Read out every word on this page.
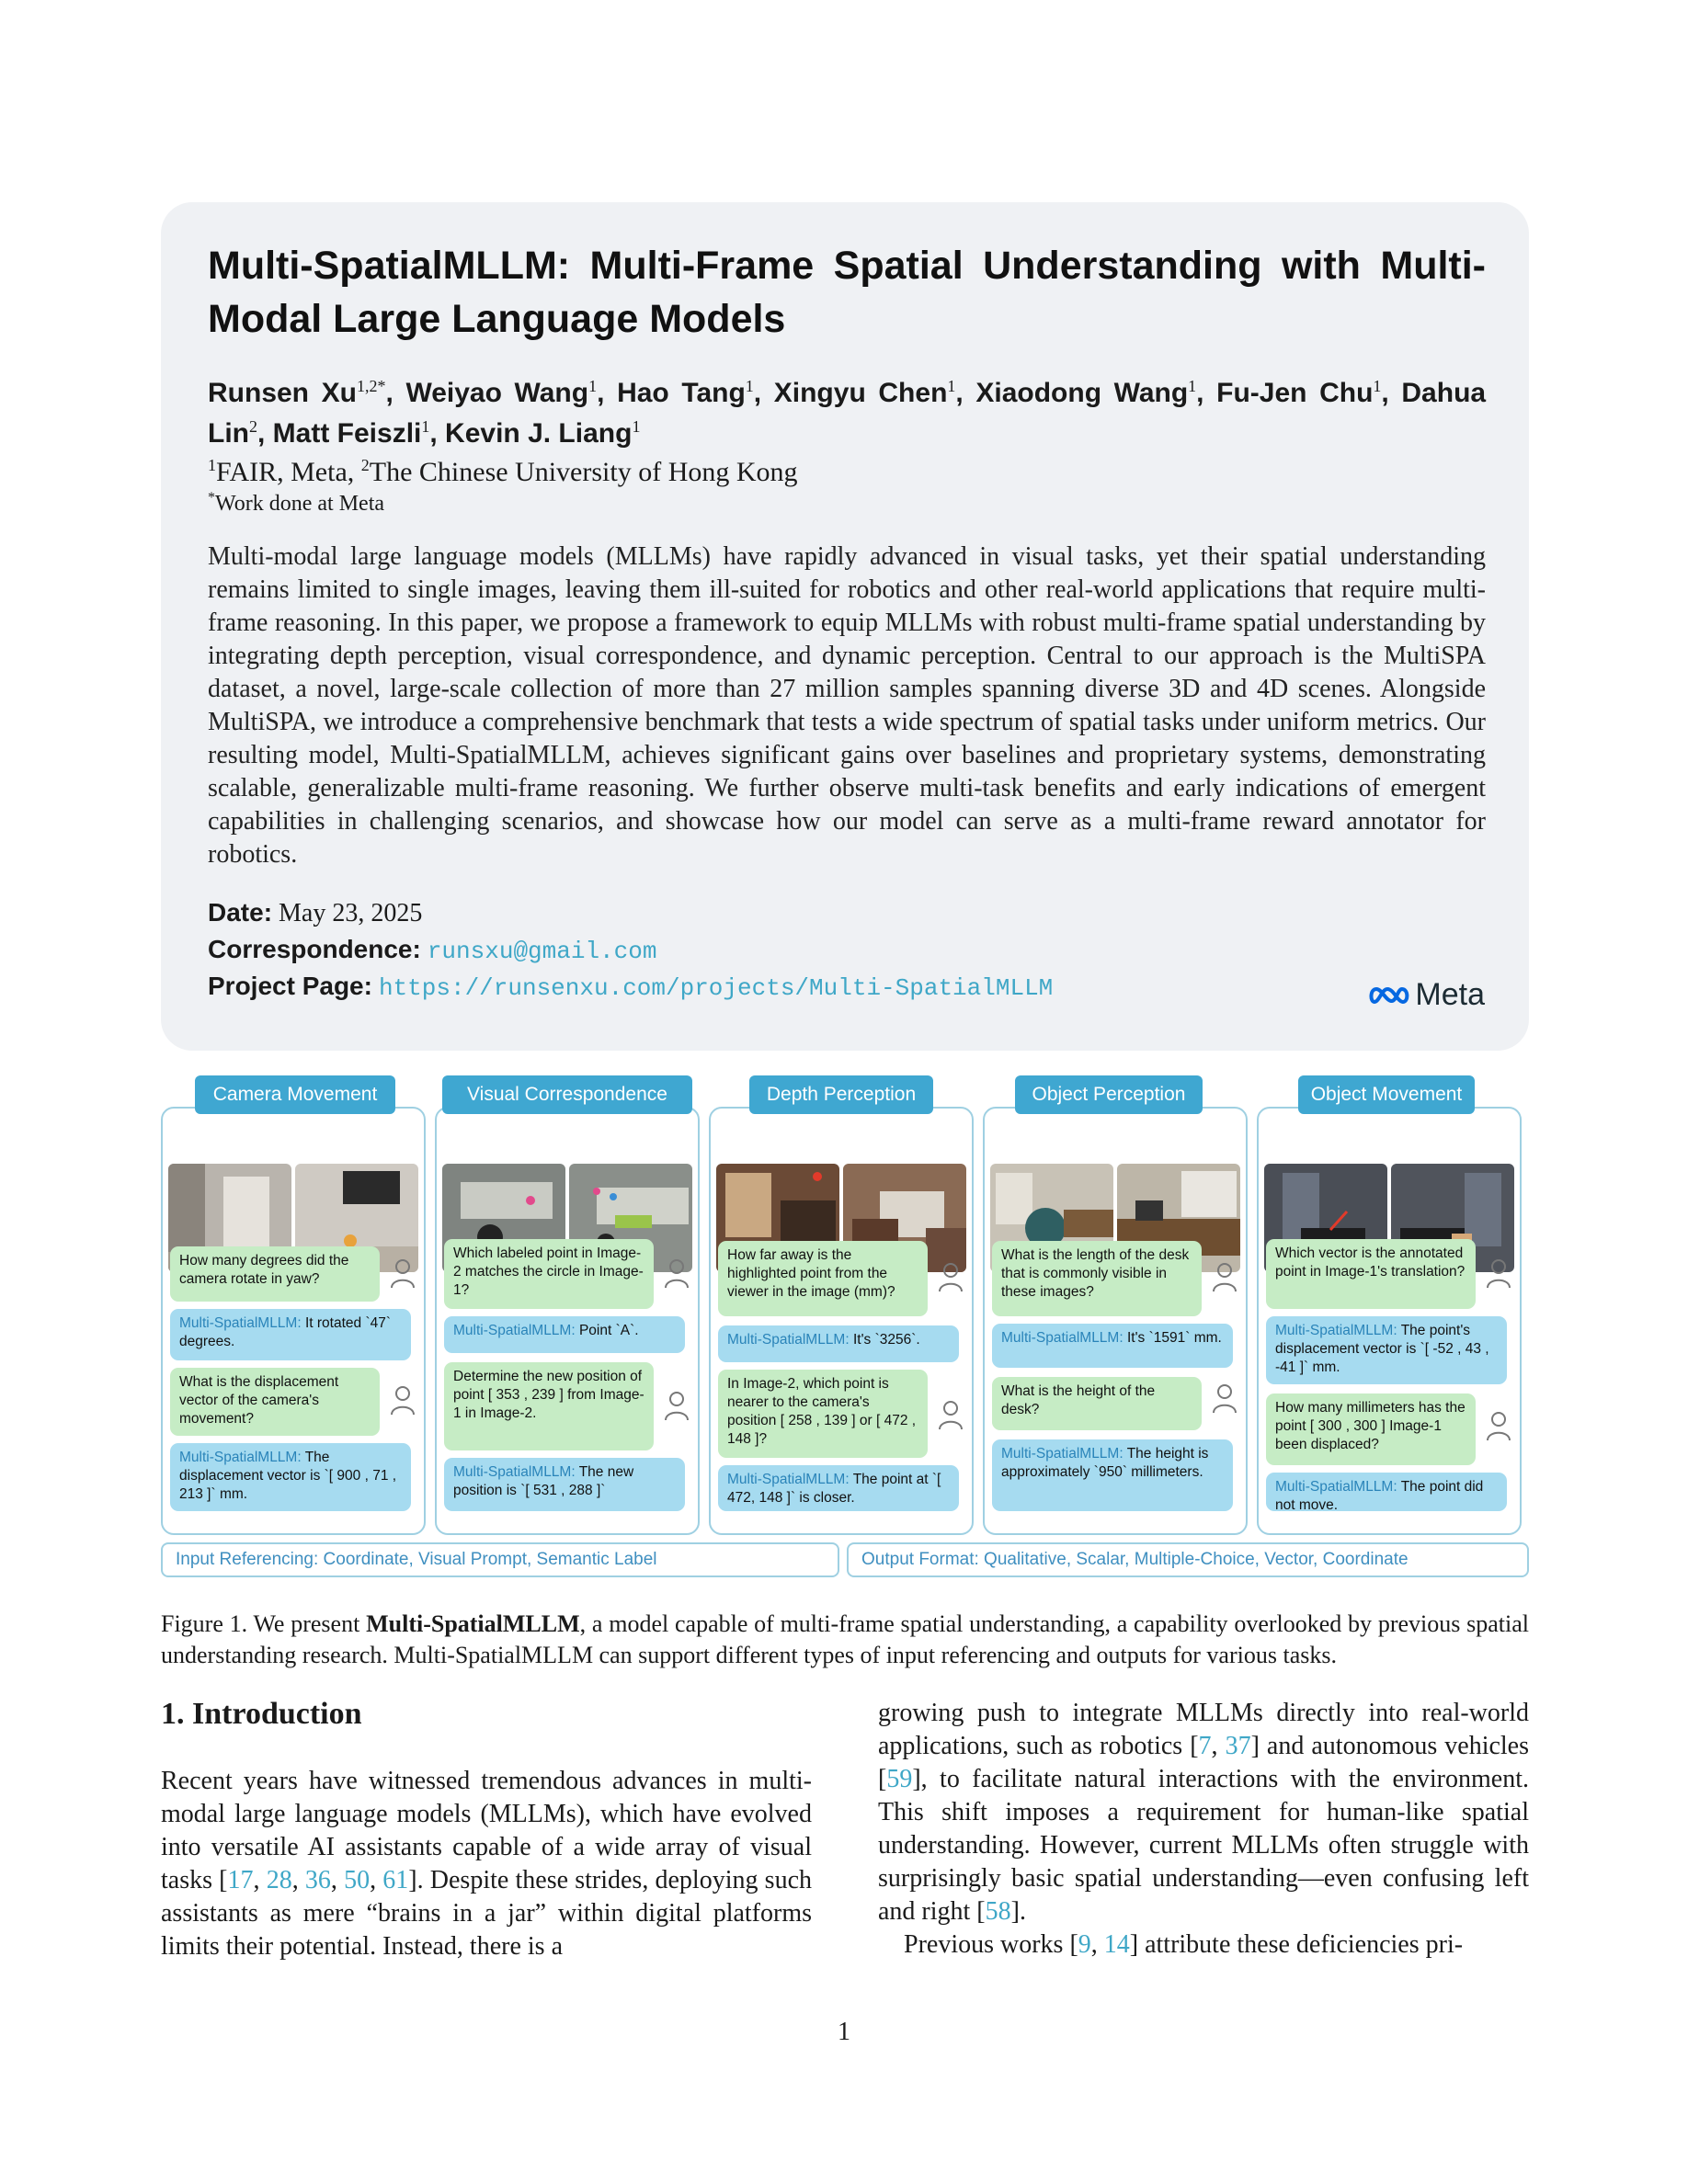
Multi-SpatialMLLM: Multi-Frame Spatial Understanding with Multi-Modal Large Language Models

Runsen $Xu^{1,2*}$, Weiyao Wang$^1$, Hao Tang$^1$, Xingyu Chen$^1$, Xiaodong Wang$^1$, Fu-Jen Chu$^1$, Dahua Lin$^2$, Matt Feiszli$^1$, Kevin J. Liang$^1$

$^1$FAIR, Meta, $^2$The Chinese University of Hong Kong

*Work done at Meta

Multi-modal large language models (MLLMs) have rapidly advanced in visual tasks, yet their spatial understanding remains limited to single images, leaving them ill-suited for robotics and other real-world applications that require multi-frame reasoning. In this paper, we propose a framework to equip MLLMs with robust multi-frame spatial understanding by integrating depth perception, visual correspondence, and dynamic perception. Central to our approach is the MultiSPA dataset, a novel, large-scale collection of more than 27 million samples spanning diverse 3D and 4D scenes. Alongside MultiSPA, we introduce a comprehensive benchmark that tests a wide spectrum of spatial tasks under uniform metrics. Our resulting model, Multi-SpatialMLLM, achieves significant gains over baselines and proprietary systems, demonstrating scalable, generalizable multi-frame reasoning. We further observe multi-task benefits and early indications of emergent capabilities in challenging scenarios, and showcase how our model can serve as a multi-frame reward annotator for robotics.

Date: May 23, 2025

Correspondence: runsxu@gmail.com

Project Page: https://runsenxu.com/projects/Multi-SpatialMLLM	Meta
Camera Movement	Visual Correspondence	Depth Perception	Object Perception	Object Movement
How many degrees did the camera rotate in yaw?
Multi-SpatialMLLM: It rotated `47` degrees.
What is the displacement vector of the camera's movement?
Multi-SpatialMLLM: The displacement vector is `[ 900 , 71 , 213 ]` mm.
Which labeled point in Image-2 matches the circle in Image-1?
Multi-SpatialMLLM: Point `A`.
Determine the new position of point [ 353 , 239 ] from Image-1 in Image-2.
Multi-SpatialMLLM: The new position is `[ 531 , 288 ]`
How far away is the highlighted point from the viewer in the image (mm)?
Multi-SpatialMLLM: It's `3256`.
In Image-2, which point is nearer to the camera's position [ 258 , 139 ] or [ 472 , 148 ]?
Multi-SpatialMLLM: The point at `[ 472, 148 ]` is closer.
What is the length of the desk that is commonly visible in these images?
Multi-SpatialMLLM: It's `1591` mm.
What is the height of the desk?
Multi-SpatialMLLM: The height is approximately `950` millimeters.
Which vector is the annotated point in Image-1's translation?
Multi-SpatialMLLM: The point's displacement vector is `[ -52 , 43 , -41 ]` mm.
How many millimeters has the point [ 300 , 300 ] Image-1 been displaced?
Multi-SpatialMLLM: The point did not move.
Input Referencing: Coordinate, Visual Prompt, Semantic Label	Output Format: Qualitative, Scalar, Multiple-Choice, Vector, Coordinate

Figure 1. We present Multi-SpatialMLLM, a model capable of multi-frame spatial understanding, a capability overlooked by previous spatial understanding research. Multi-SpatialMLLM can support different types of input referencing and outputs for various tasks.

1. Introduction

Recent years have witnessed tremendous advances in multi-modal large language models (MLLMs), which have evolved into versatile AI assistants capable of a wide array of visual tasks [17, 28, 36, 50, 61]. Despite these strides, deploying such assistants as mere “brains in a jar” within digital platforms limits their potential. Instead, there is a

growing push to integrate MLLMs directly into real-world applications, such as robotics [7, 37] and autonomous vehicles [59], to facilitate natural interactions with the environment. This shift imposes a requirement for human-like spatial understanding. However, current MLLMs often struggle with surprisingly basic spatial understanding—even confusing left and right [58].
 Previous works [9, 14] attribute these deficiencies pri-

1
